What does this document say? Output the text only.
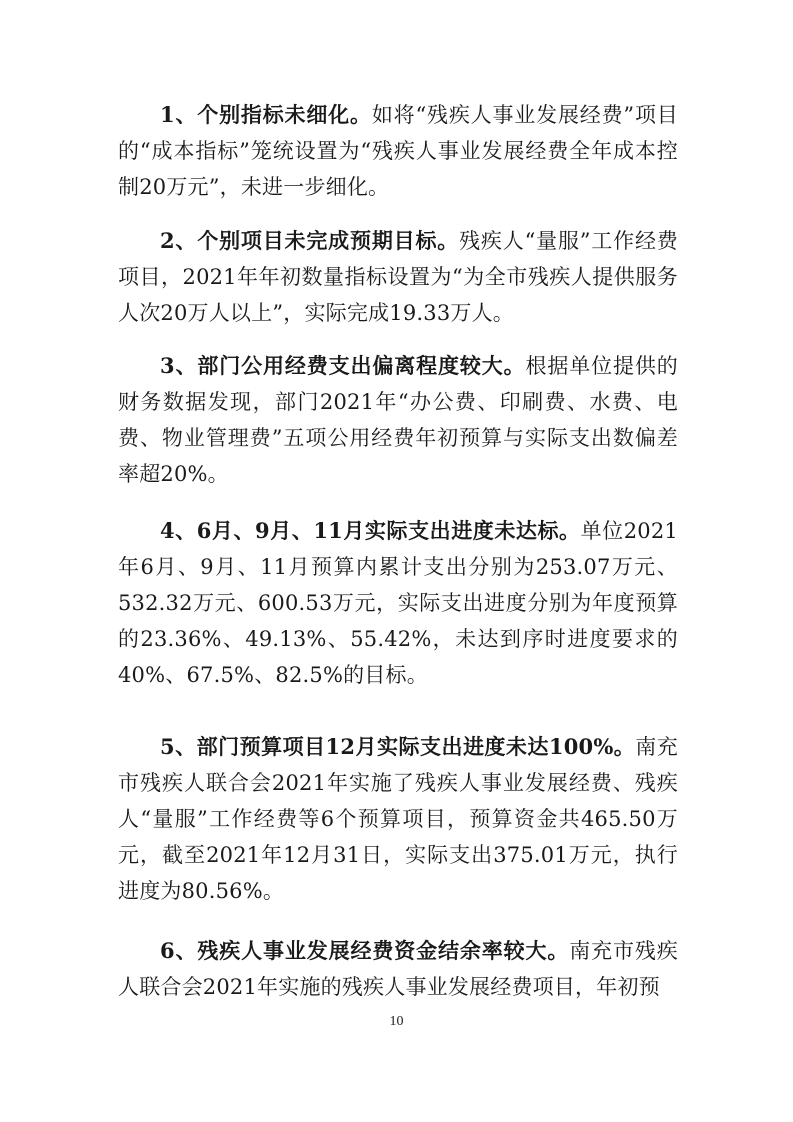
1、个别指标未细化。如将“残疾人事业发展经费”项目的“成本指标”笼统设置为“残疾人事业发展经费全年成本控制20万元”，未进一步细化。

2、个别项目未完成预期目标。残疾人“量服”工作经费项目，2021年年初数量指标设置为“为全市残疾人提供服务人次20万人以上”，实际完成19.33万人。

3、部门公用经费支出偏离程度较大。根据单位提供的财务数据发现，部门2021年“办公费、印刷费、水费、电费、物业管理费”五项公用经费年初预算与实际支出数偏差率超20%。

4、6月、9月、11月实际支出进度未达标。单位2021年6月、9月、11月预算内累计支出分别为253.07万元、532.32万元、600.53万元，实际支出进度分别为年度预算的23.36%、49.13%、55.42%，未达到序时进度要求的40%、67.5%、82.5%的目标。

5、部门预算项目12月实际支出进度未达100%。南充市残疾人联合会2021年实施了残疾人事业发展经费、残疾人“量服”工作经费等6个预算项目，预算资金共465.50万元，截至2021年12月31日，实际支出375.01万元，执行进度为80.56%。

6、残疾人事业发展经费资金结余率较大。南充市残疾人联合会2021年实施的残疾人事业发展经费项目，年初预

10
